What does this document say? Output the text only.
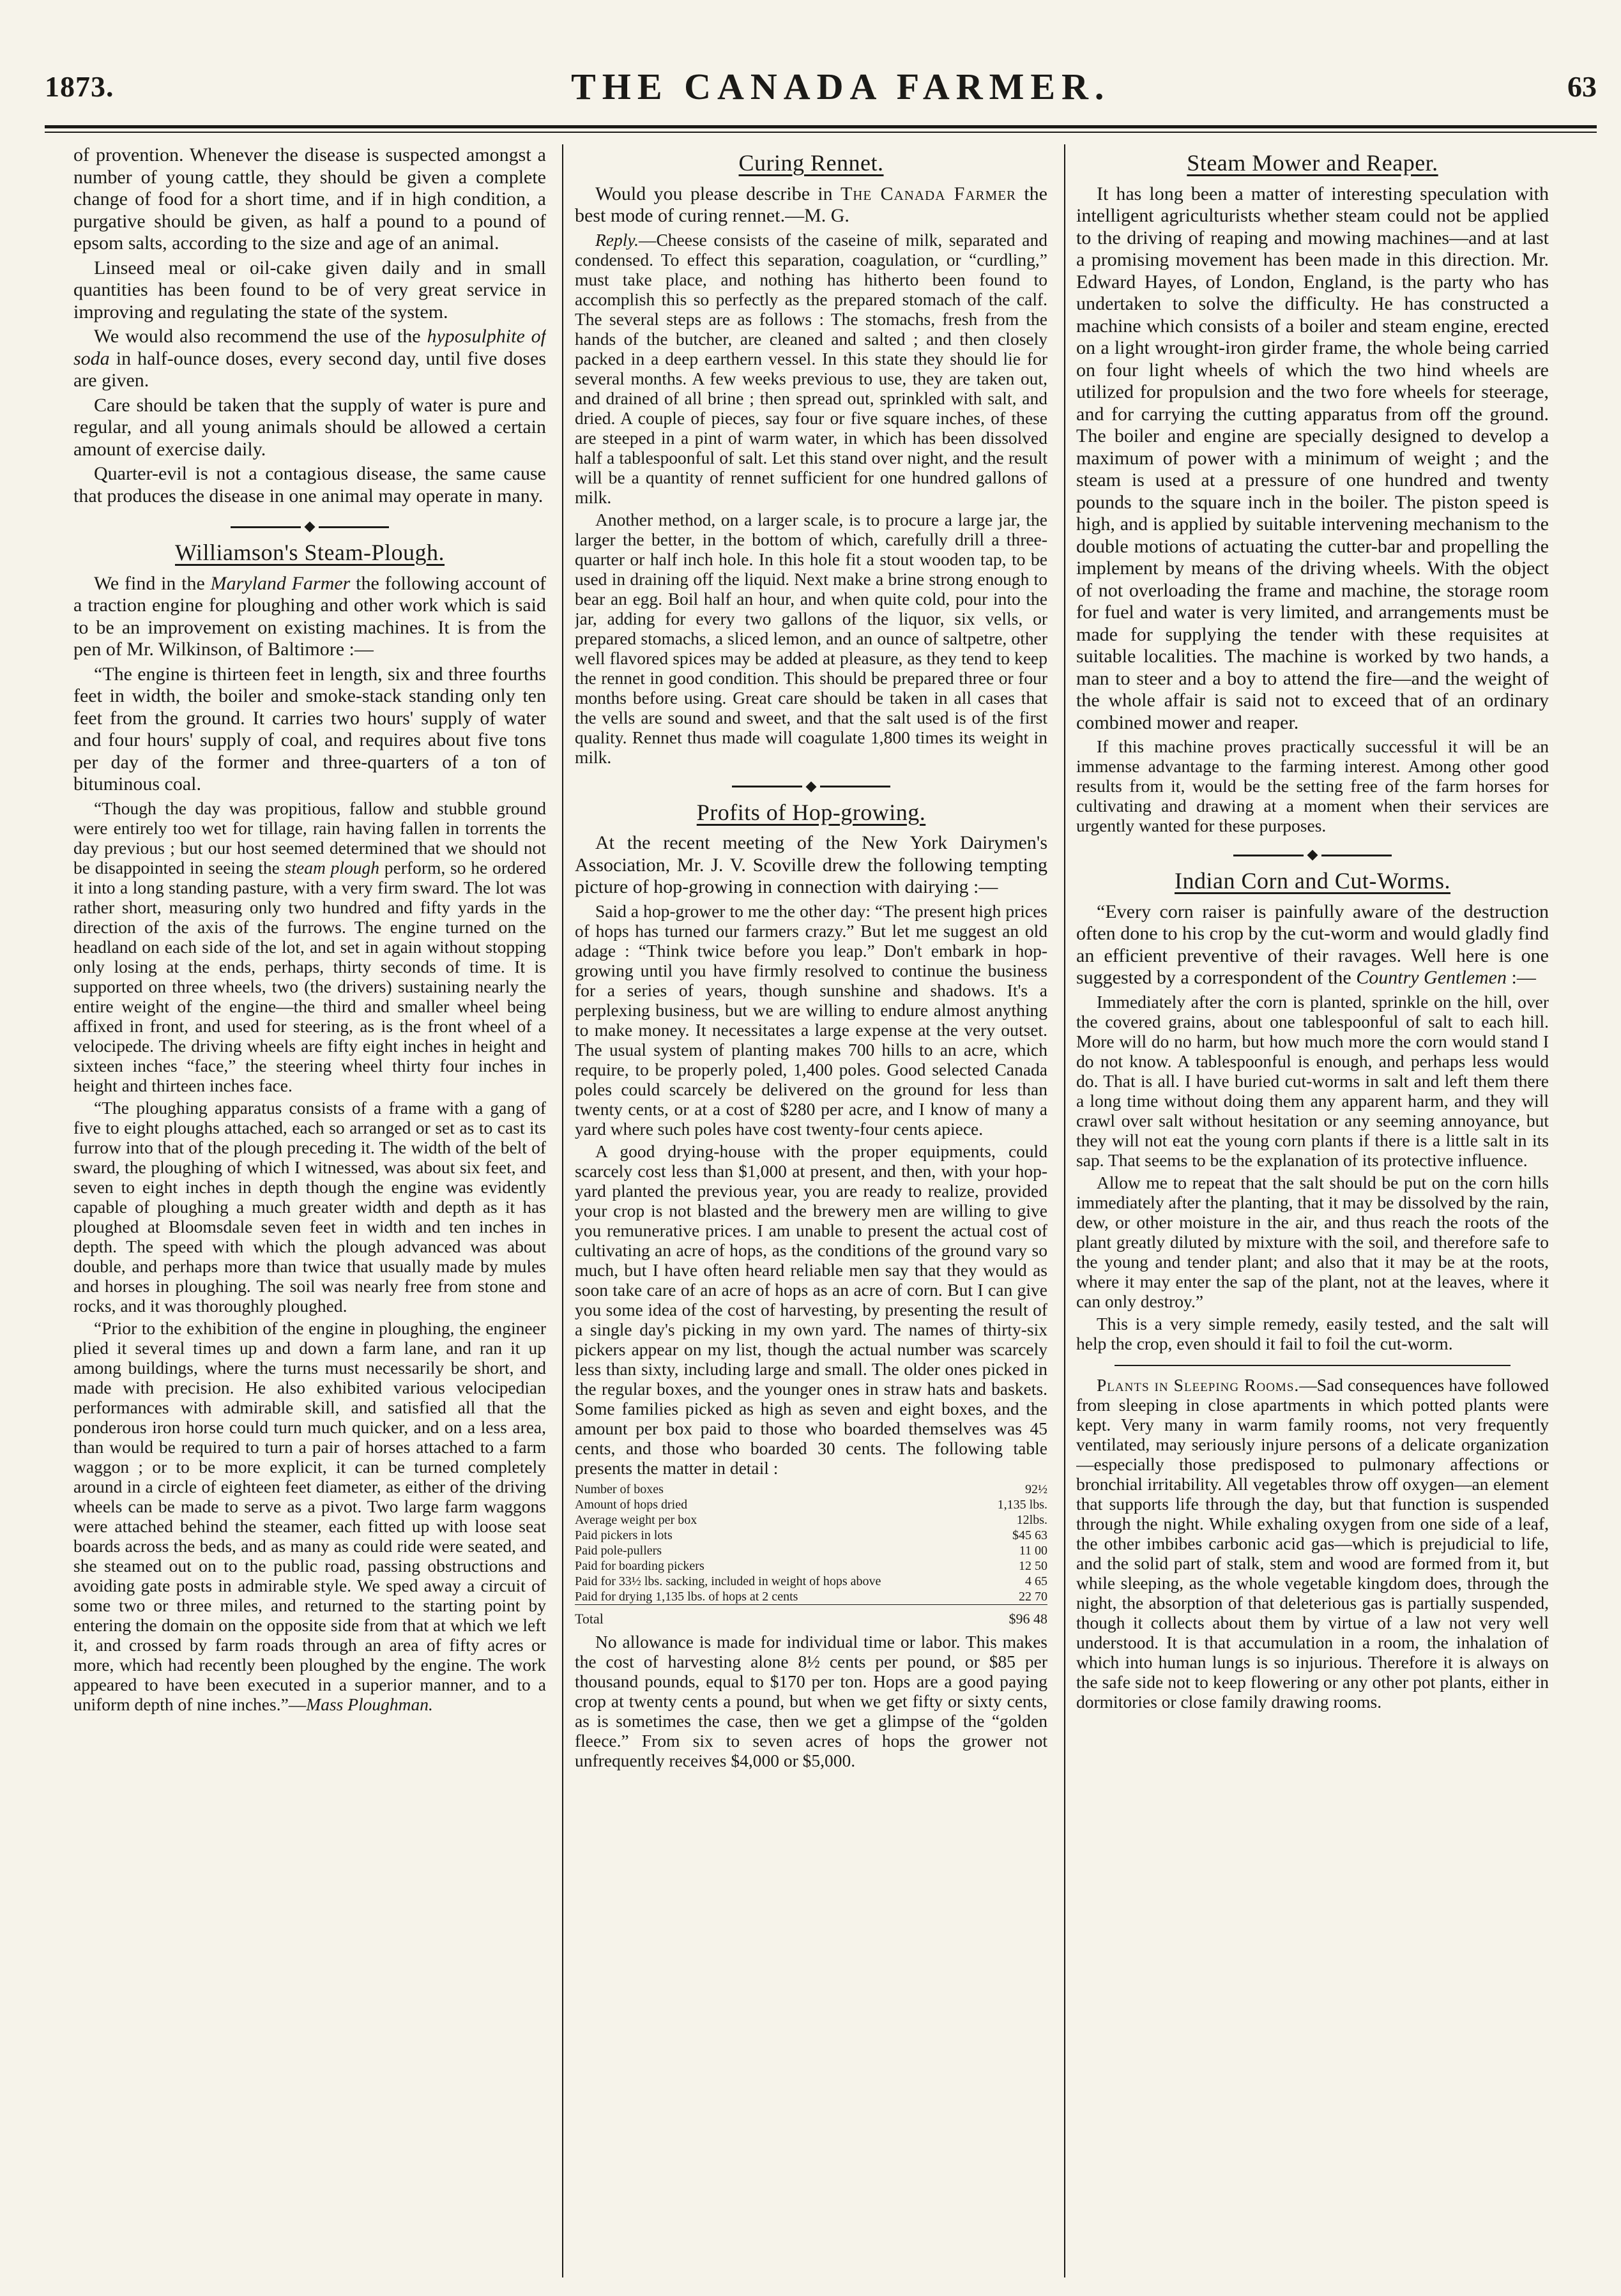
1873.	THE CANADA FARMER.	63

of provention. Whenever the disease is suspected amongst a number of young cattle, they should be given a complete change of food for a short time, and if in high condition, a purgative should be given, as half a pound to a pound of epsom salts, according to the size and age of an animal.

Linseed meal or oil-cake given daily and in small quantities has been found to be of very great service in improving and regulating the state of the system.

We would also recommend the use of the hyposulphite of soda in half-ounce doses, every second day, until five doses are given.

Care should be taken that the supply of water is pure and regular, and all young animals should be allowed a certain amount of exercise daily.

Quarter-evil is not a contagious disease, the same cause that produces the disease in one animal may operate in many.

Williamson's Steam-Plough.

We find in the Maryland Farmer the following account of a traction engine for ploughing and other work which is said to be an improvement on existing machines. It is from the pen of Mr. Wilkinson, of Baltimore :—

“The engine is thirteen feet in length, six and three fourths feet in width, the boiler and smoke-stack standing only ten feet from the ground. It carries two hours' supply of water and four hours' supply of coal, and requires about five tons per day of the former and three-quarters of a ton of bituminous coal.

“Though the day was propitious, fallow and stubble ground were entirely too wet for tillage, rain having fallen in torrents the day previous ; but our host seemed determined that we should not be disappointed in seeing the steam plough perform, so he ordered it into a long standing pasture, with a very firm sward. The lot was rather short, measuring only two hundred and fifty yards in the direction of the axis of the furrows. The engine turned on the headland on each side of the lot, and set in again without stopping only losing at the ends, perhaps, thirty seconds of time. It is supported on three wheels, two (the drivers) sustaining nearly the entire weight of the engine—the third and smaller wheel being affixed in front, and used for steering, as is the front wheel of a velocipede. The driving wheels are fifty eight inches in height and sixteen inches “face,” the steering wheel thirty four inches in height and thirteen inches face.

“The ploughing apparatus consists of a frame with a gang of five to eight ploughs attached, each so arranged or set as to cast its furrow into that of the plough preceding it. The width of the belt of sward, the ploughing of which I witnessed, was about six feet, and seven to eight inches in depth though the engine was evidently capable of ploughing a much greater width and depth as it has ploughed at Bloomsdale seven feet in width and ten inches in depth. The speed with which the plough advanced was about double, and perhaps more than twice that usually made by mules and horses in ploughing. The soil was nearly free from stone and rocks, and it was thoroughly ploughed.

“Prior to the exhibition of the engine in ploughing, the engineer plied it several times up and down a farm lane, and ran it up among buildings, where the turns must necessarily be short, and made with precision. He also exhibited various velocipedian performances with admirable skill, and satisfied all that the ponderous iron horse could turn much quicker, and on a less area, than would be required to turn a pair of horses attached to a farm waggon ; or to be more explicit, it can be turned completely around in a circle of eighteen feet diameter, as either of the driving wheels can be made to serve as a pivot. Two large farm waggons were attached behind the steamer, each fitted up with loose seat boards across the beds, and as many as could ride were seated, and she steamed out on to the public road, passing obstructions and avoiding gate posts in admirable style. We sped away a circuit of some two or three miles, and returned to the starting point by entering the domain on the opposite side from that at which we left it, and crossed by farm roads through an area of fifty acres or more, which had recently been ploughed by the engine. The work appeared to have been executed in a superior manner, and to a uniform depth of nine inches.”—Mass Ploughman.

Curing Rennet.

Would you please describe in The Canada Farmer the best mode of curing rennet.—M. G.

Reply.—Cheese consists of the caseine of milk, separated and condensed. To effect this separation, coagulation, or “curdling,” must take place, and nothing has hitherto been found to accomplish this so perfectly as the prepared stomach of the calf. The several steps are as follows : The stomachs, fresh from the hands of the butcher, are cleaned and salted ; and then closely packed in a deep earthern vessel. In this state they should lie for several months. A few weeks previous to use, they are taken out, and drained of all brine ; then spread out, sprinkled with salt, and dried. A couple of pieces, say four or five square inches, of these are steeped in a pint of warm water, in which has been dissolved half a tablespoonful of salt. Let this stand over night, and the result will be a quantity of rennet sufficient for one hundred gallons of milk.

Another method, on a larger scale, is to procure a large jar, the larger the better, in the bottom of which, carefully drill a three-quarter or half inch hole. In this hole fit a stout wooden tap, to be used in draining off the liquid. Next make a brine strong enough to bear an egg. Boil half an hour, and when quite cold, pour into the jar, adding for every two gallons of the liquor, six vells, or prepared stomachs, a sliced lemon, and an ounce of saltpetre, other well flavored spices may be added at pleasure, as they tend to keep the rennet in good condition. This should be prepared three or four months before using. Great care should be taken in all cases that the vells are sound and sweet, and that the salt used is of the first quality. Rennet thus made will coagulate 1,800 times its weight in milk.

Profits of Hop-growing.

At the recent meeting of the New York Dairymen's Association, Mr. J. V. Scoville drew the following tempting picture of hop-growing in connection with dairying :—

Said a hop-grower to me the other day: “The present high prices of hops has turned our farmers crazy.” But let me suggest an old adage : “Think twice before you leap.” Don't embark in hop-growing until you have firmly resolved to continue the business for a series of years, though sunshine and shadows. It's a perplexing business, but we are willing to endure almost anything to make money. It necessitates a large expense at the very outset. The usual system of planting makes 700 hills to an acre, which require, to be properly poled, 1,400 poles. Good selected Canada poles could scarcely be delivered on the ground for less than twenty cents, or at a cost of $280 per acre, and I know of many a yard where such poles have cost twenty-four cents apiece.

A good drying-house with the proper equipments, could scarcely cost less than $1,000 at present, and then, with your hop-yard planted the previous year, you are ready to realize, provided your crop is not blasted and the brewery men are willing to give you remunerative prices. I am unable to present the actual cost of cultivating an acre of hops, as the conditions of the ground vary so much, but I have often heard reliable men say that they would as soon take care of an acre of hops as an acre of corn. But I can give you some idea of the cost of harvesting, by presenting the result of a single day's picking in my own yard. The names of thirty-six pickers appear on my list, though the actual number was scarcely less than sixty, including large and small. The older ones picked in the regular boxes, and the younger ones in straw hats and baskets. Some families picked as high as seven and eight boxes, and the amount per box paid to those who boarded themselves was 45 cents, and those who boarded 30 cents. The following table presents the matter in detail :

Number of boxes	92½
Amount of hops dried	1,135 lbs.
Average weight per box	12lbs.
Paid pickers in lots	$45 63
Paid pole-pullers	11 00
Paid for boarding pickers	12 50
Paid for 33½ lbs. sacking, included in weight of hops above	4 65
Paid for drying 1,135 lbs. of hops at 2 cents	22 70
Total	$96 48

No allowance is made for individual time or labor. This makes the cost of harvesting alone 8½ cents per pound, or $85 per thousand pounds, equal to $170 per ton. Hops are a good paying crop at twenty cents a pound, but when we get fifty or sixty cents, as is sometimes the case, then we get a glimpse of the “golden fleece.” From six to seven acres of hops the grower not unfrequently receives $4,000 or $5,000.

Steam Mower and Reaper.

It has long been a matter of interesting speculation with intelligent agriculturists whether steam could not be applied to the driving of reaping and mowing machines—and at last a promising movement has been made in this direction. Mr. Edward Hayes, of London, England, is the party who has undertaken to solve the difficulty. He has constructed a machine which consists of a boiler and steam engine, erected on a light wrought-iron girder frame, the whole being carried on four light wheels of which the two hind wheels are utilized for propulsion and the two fore wheels for steerage, and for carrying the cutting apparatus from off the ground. The boiler and engine are specially designed to develop a maximum of power with a minimum of weight ; and the steam is used at a pressure of one hundred and twenty pounds to the square inch in the boiler. The piston speed is high, and is applied by suitable intervening mechanism to the double motions of actuating the cutter-bar and propelling the implement by means of the driving wheels. With the object of not overloading the frame and machine, the storage room for fuel and water is very limited, and arrangements must be made for supplying the tender with these requisites at suitable localities. The machine is worked by two hands, a man to steer and a boy to attend the fire—and the weight of the whole affair is said not to exceed that of an ordinary combined mower and reaper.

If this machine proves practically successful it will be an immense advantage to the farming interest. Among other good results from it, would be the setting free of the farm horses for cultivating and drawing at a moment when their services are urgently wanted for these purposes.

Indian Corn and Cut-Worms.

“Every corn raiser is painfully aware of the destruction often done to his crop by the cut-worm and would gladly find an efficient preventive of their ravages. Well here is one suggested by a correspondent of the Country Gentlemen :—

Immediately after the corn is planted, sprinkle on the hill, over the covered grains, about one tablespoonful of salt to each hill. More will do no harm, but how much more the corn would stand I do not know. A tablespoonful is enough, and perhaps less would do. That is all. I have buried cut-worms in salt and left them there a long time without doing them any apparent harm, and they will crawl over salt without hesitation or any seeming annoyance, but they will not eat the young corn plants if there is a little salt in its sap. That seems to be the explanation of its protective influence.

Allow me to repeat that the salt should be put on the corn hills immediately after the planting, that it may be dissolved by the rain, dew, or other moisture in the air, and thus reach the roots of the plant greatly diluted by mixture with the soil, and therefore safe to the young and tender plant; and also that it may be at the roots, where it may enter the sap of the plant, not at the leaves, where it can only destroy.”

This is a very simple remedy, easily tested, and the salt will help the crop, even should it fail to foil the cut-worm.

Plants in Sleeping Rooms.—Sad consequences have followed from sleeping in close apartments in which potted plants were kept. Very many in warm family rooms, not very frequently ventilated, may seriously injure persons of a delicate organization—especially those predisposed to pulmonary affections or bronchial irritability. All vegetables throw off oxygen—an element that supports life through the day, but that function is suspended through the night. While exhaling oxygen from one side of a leaf, the other imbibes carbonic acid gas—which is prejudicial to life, and the solid part of stalk, stem and wood are formed from it, but while sleeping, as the whole vegetable kingdom does, through the night, the absorption of that deleterious gas is partially suspended, though it collects about them by virtue of a law not very well understood. It is that accumulation in a room, the inhalation of which into human lungs is so injurious. Therefore it is always on the safe side not to keep flowering or any other pot plants, either in dormitories or close family drawing rooms.
